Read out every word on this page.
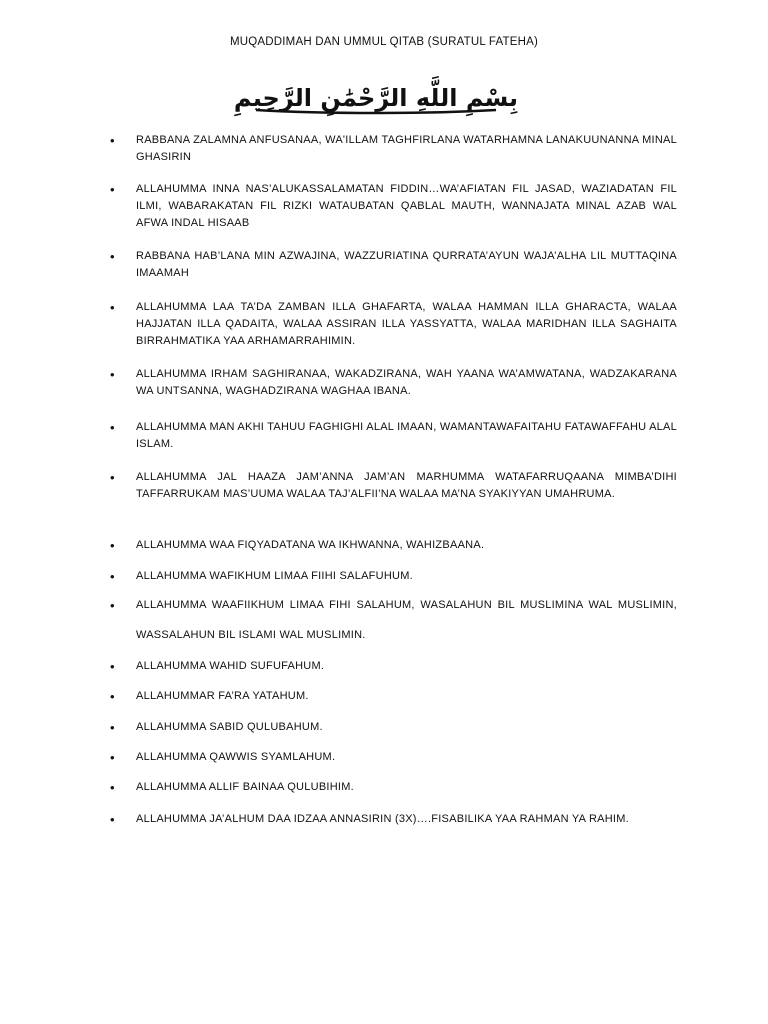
MUQADDIMAH DAN UMMUL QITAB (SURATUL FATEHA)
بِسْمِ اللَّهِ الرَّحْمَٰنِ الرَّحِيمِ
• RABBANA ZALAMNA ANFUSANAA, WA'ILLAM TAGHFIRLANA WATARHAMNA LANAKUUNANNA MINAL GHASIRIN

• ALLAHUMMA INNA NAS’ALUKASSALAMATAN FIDDIN…WA’AFIATAN FIL JASAD, WAZIADATAN FIL ILMI, WABARAKATAN FIL RIZKI WATAUBATAN QABLAL MAUTH, WANNAJATA MINAL AZAB WAL AFWA INDAL HISAAB

• RABBANA HAB’LANA MIN AZWAJINA, WAZZURIATINA QURRATA’AYUN WAJA’ALHA LIL MUTTAQINA IMAAMAH

• ALLAHUMMA LAA TA’DA ZAMBAN ILLA GHAFARTA, WALAA HAMMAN ILLA GHARACTA, WALAA HAJJATAN ILLA QADAITA, WALAA ASSIRAN ILLA YASSYATTA, WALAA MARIDHAN ILLA SAGHAITA BIRRAHMATIKA YAA ARHAMARRAHIMIN.

• ALLAHUMMA IRHAM SAGHIRANAA, WAKADZIRANA, WAH YAANA WA’AMWATANA, WADZAKARANA WA UNTSANNA, WAGHADZIRANA WAGHAA IBANA.

• ALLAHUMMA MAN AKHI TAHUU FAGHIGHI ALAL IMAAN, WAMANTAWAFAITAHU FATAWAFFAHU ALAL ISLAM.

• ALLAHUMMA JAL HAAZA JAM’ANNA JAM’AN MARHUMMA WATAFARRUQAANA MIMBA’DIHI TAFFARRUKAM MAS’UUMA WALAA TAJ’ALFII’NA WALAA MA’NA SYAKIYYAN UMAHRUMA.

• ALLAHUMMA WAA FIQYADATANA WA IKHWANNA, WAHIZBAANA.

• ALLAHUMMA WAFIKHUM LIMAA FIIHI SALAFUHUM.

• ALLAHUMMA WAAFIIKHUM LIMAA FIHI SALAHUM, WASALAHUN BIL MUSLIMINA WAL MUSLIMIN, WASSALAHUN BIL ISLAMI WAL MUSLIMIN.

• ALLAHUMMA WAHID SUFUFAHUM.

• ALLAHUMMAR FA’RA YATAHUM.

• ALLAHUMMA SABID QULUBAHUM.

• ALLAHUMMA QAWWIS SYAMLAHUM.

• ALLAHUMMA ALLIF BAINAA QULUBIHIM.

• ALLAHUMMA JA’ALHUM DAA IDZAA ANNASIRIN (3X)….FISABILIKA YAA RAHMAN YA RAHIM.
